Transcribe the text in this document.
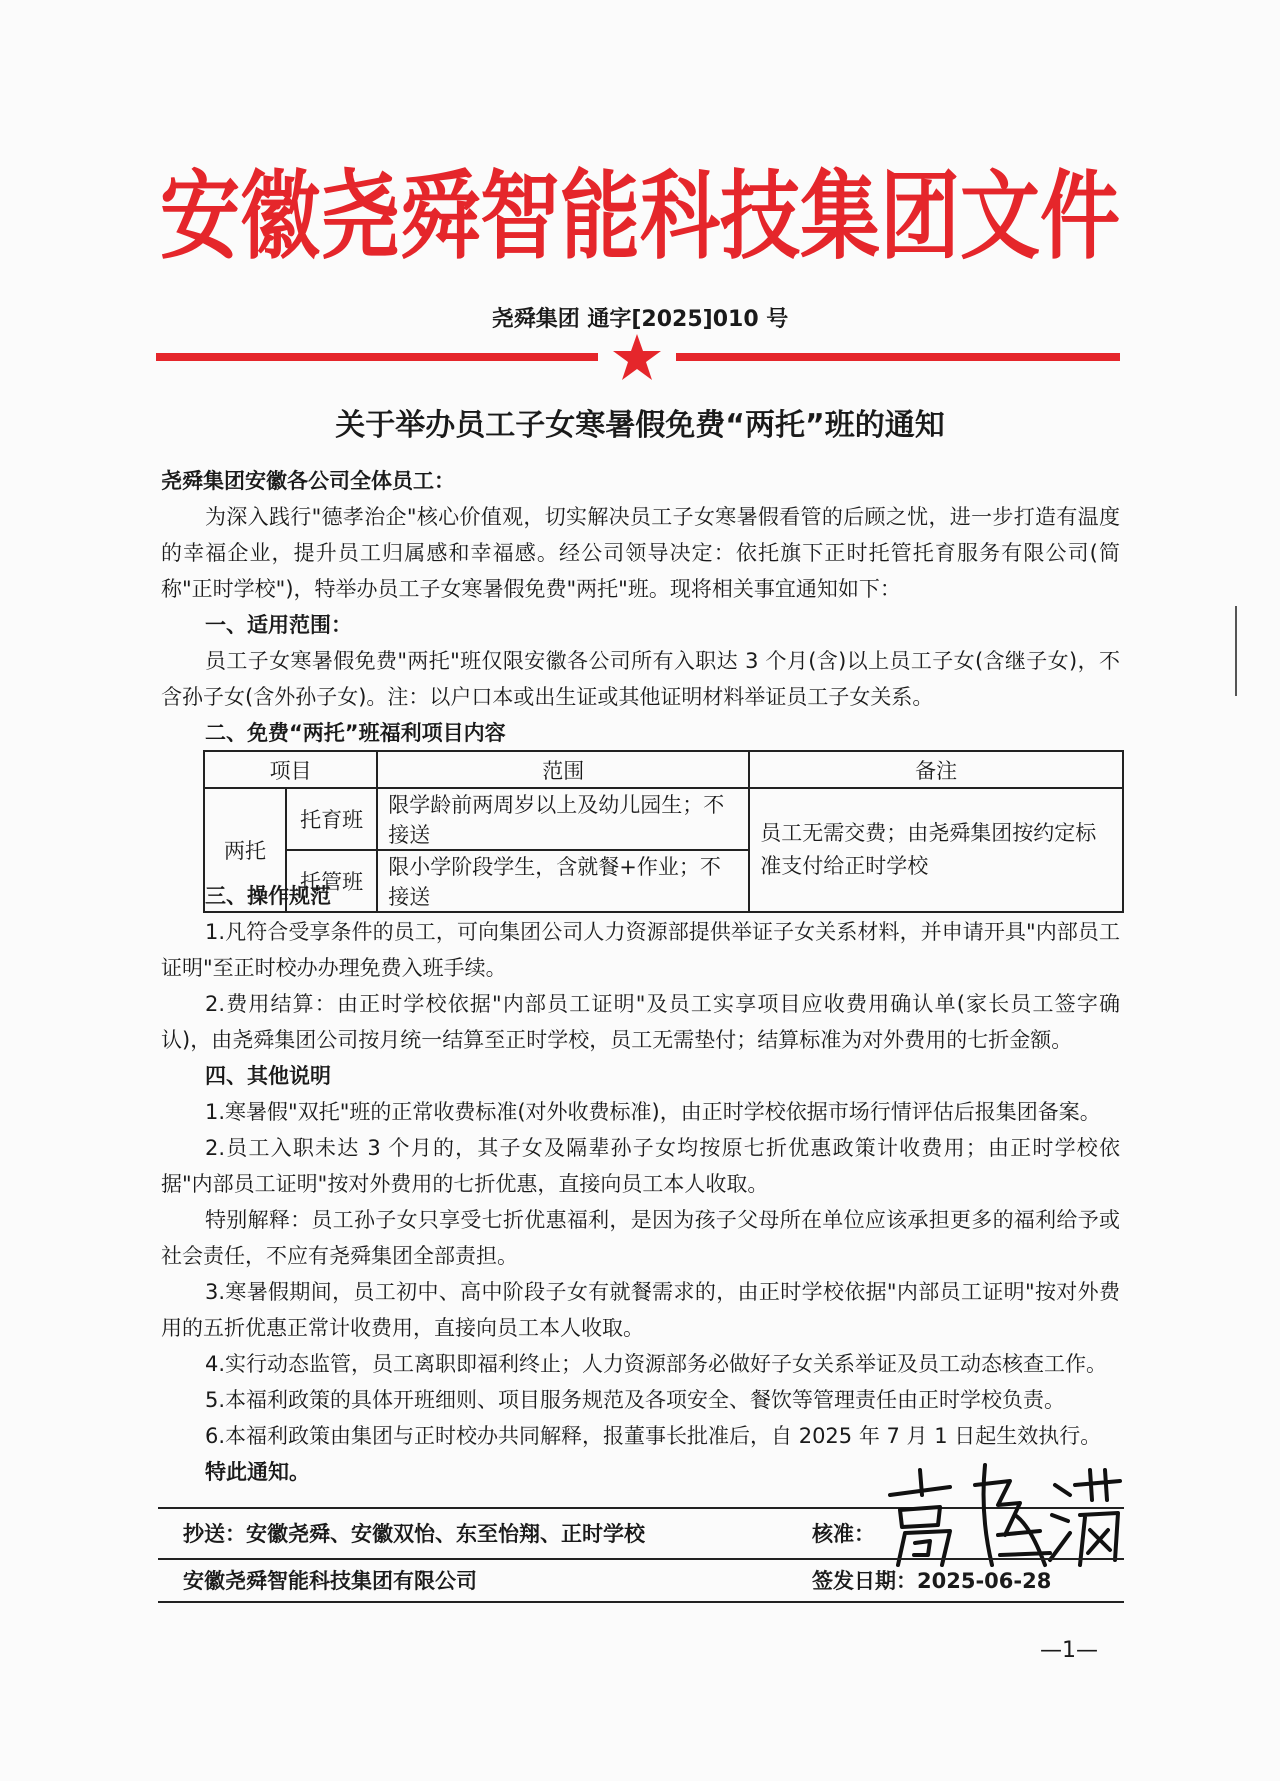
安徽尧舜智能科技集团文件
尧舜集团 通字[2025]010 号
关于举办员工子女寒暑假免费“两托”班的通知

尧舜集团安徽各公司全体员工：

为深入践行"德孝治企"核心价值观，切实解决员工子女寒暑假看管的后顾之忧，进一步打造有温度的幸福企业，提升员工归属感和幸福感。经公司领导决定：依托旗下正时托管托育服务有限公司(简称"正时学校")，特举办员工子女寒暑假免费"两托"班。现将相关事宜通知如下：

一、适用范围：

员工子女寒暑假免费"两托"班仅限安徽各公司所有入职达 3 个月(含)以上员工子女(含继子女)，不含孙子女(含外孙子女)。注：以户口本或出生证或其他证明材料举证员工子女关系。

二、免费“两托”班福利项目内容

项目		范围	备注
两托	托育班	限学龄前两周岁以上及幼儿园生；不接送	员工无需交费；由尧舜集团按约定标准支付给正时学校
	托管班	限小学阶段学生，含就餐+作业；不接送	

三、操作规范

1.凡符合受享条件的员工，可向集团公司人力资源部提供举证子女关系材料，并申请开具"内部员工证明"至正时校办办理免费入班手续。

2.费用结算：由正时学校依据"内部员工证明"及员工实享项目应收费用确认单(家长员工签字确认)，由尧舜集团公司按月统一结算至正时学校，员工无需垫付；结算标准为对外费用的七折金额。

四、其他说明

1.寒暑假"双托"班的正常收费标准(对外收费标准)，由正时学校依据市场行情评估后报集团备案。

2.员工入职未达 3 个月的，其子女及隔辈孙子女均按原七折优惠政策计收费用；由正时学校依据"内部员工证明"按对外费用的七折优惠，直接向员工本人收取。

特别解释：员工孙子女只享受七折优惠福利，是因为孩子父母所在单位应该承担更多的福利给予或社会责任，不应有尧舜集团全部责担。

3.寒暑假期间，员工初中、高中阶段子女有就餐需求的，由正时学校依据"内部员工证明"按对外费用的五折优惠正常计收费用，直接向员工本人收取。

4.实行动态监管，员工离职即福利终止；人力资源部务必做好子女关系举证及员工动态核查工作。

5.本福利政策的具体开班细则、项目服务规范及各项安全、餐饮等管理责任由正时学校负责。

6.本福利政策由集团与正时校办共同解释，报董事长批准后，自 2025 年 7 月 1 日起生效执行。

特此通知。

抄送：安徽尧舜、安徽双怡、东至怡翔、正时学校	核准：
安徽尧舜智能科技集团有限公司	签发日期：2025-06-28
—1—
